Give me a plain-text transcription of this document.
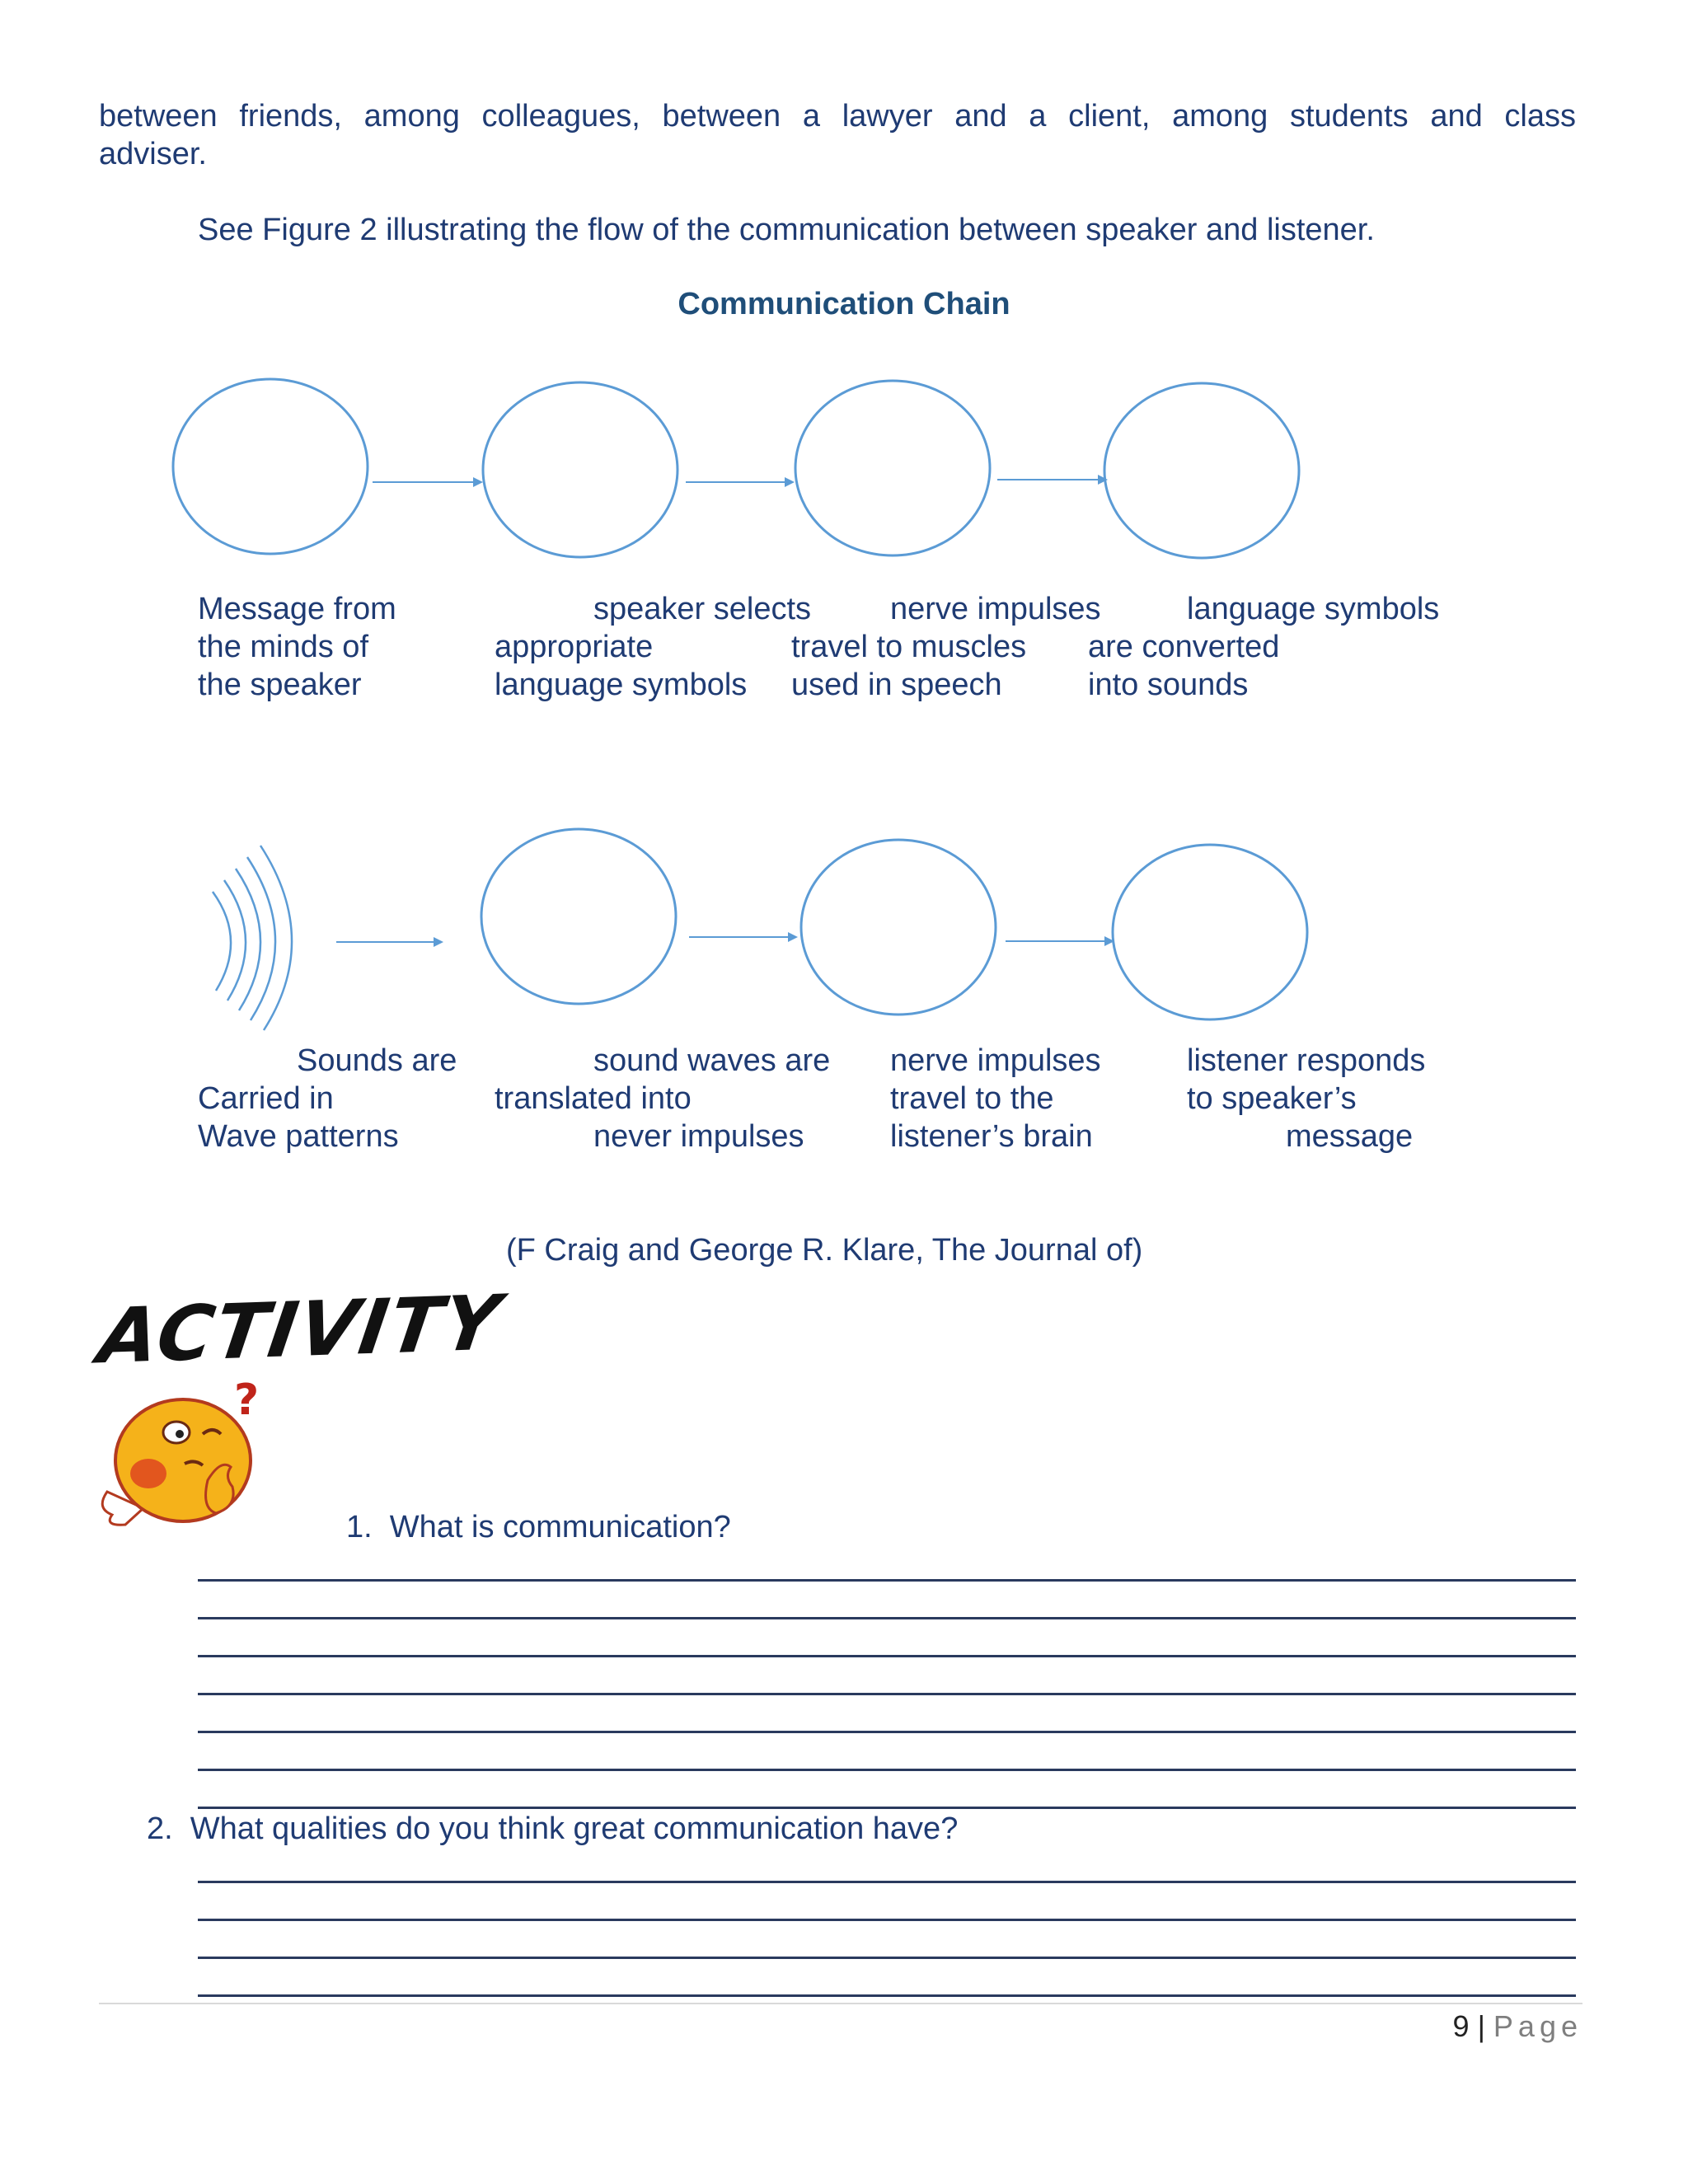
between friends, among colleagues, between a lawyer and a client, among students and class
adviser.
See Figure 2 illustrating the flow of the communication between speaker and listener.
Communication Chain
Message from
the minds of
the speaker
speaker selects
appropriate
language symbols
nerve impulses
travel to muscles
used in speech
language symbols
are converted
into sounds
Sounds are
Carried in
Wave patterns
sound waves are
translated into
never impulses
nerve impulses
travel to the
listener’s brain
listener responds
to speaker’s
message
(F Craig and George R. Klare, The Journal of)
ACTIVITY
?
1.  What is communication?
2.  What qualities do you think great communication have?
9 | Page
